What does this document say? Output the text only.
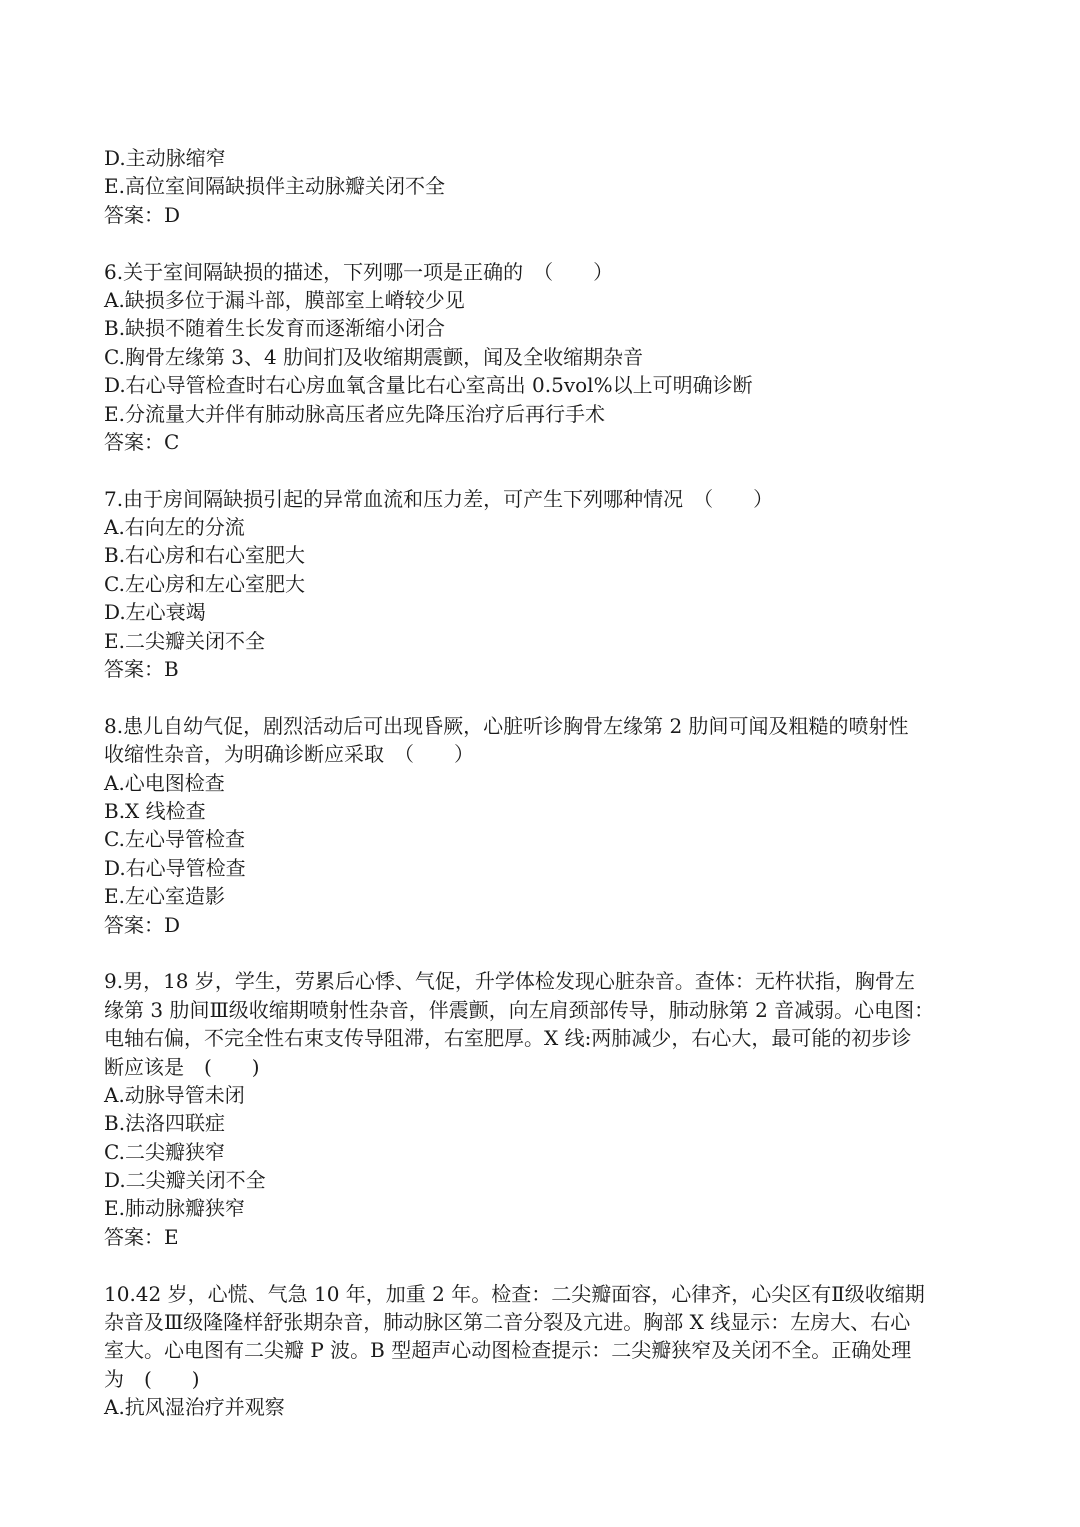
D.主动脉缩窄
E.高位室间隔缺损伴主动脉瓣关闭不全
答案：D
6.关于室间隔缺损的描述，下列哪一项是正确的　（　　）
A.缺损多位于漏斗部，膜部室上嵴较少见
B.缺损不随着生长发育而逐渐缩小闭合
C.胸骨左缘第 3、4 肋间扪及收缩期震颤，闻及全收缩期杂音
D.右心导管检查时右心房血氧含量比右心室高出 0.5vol%以上可明确诊断
E.分流量大并伴有肺动脉高压者应先降压治疗后再行手术
答案：C
7.由于房间隔缺损引起的异常血流和压力差，可产生下列哪种情况　（　　）
A.右向左的分流
B.右心房和右心室肥大
C.左心房和左心室肥大
D.左心衰竭
E.二尖瓣关闭不全
答案：B
8.患儿自幼气促，剧烈活动后可出现昏厥，心脏听诊胸骨左缘第 2 肋间可闻及粗糙的喷射性
收缩性杂音，为明确诊断应采取　（　　）
A.心电图检查
B.X 线检查
C.左心导管检查
D.右心导管检查
E.左心室造影
答案：D
9.男，18 岁，学生，劳累后心悸、气促，升学体检发现心脏杂音。查体：无杵状指，胸骨左
缘第 3 肋间Ⅲ级收缩期喷射性杂音，伴震颤，向左肩颈部传导，肺动脉第 2 音减弱。心电图：
电轴右偏，不完全性右束支传导阻滞，右室肥厚。X 线:两肺减少，右心大，最可能的初步诊
断应该是　(　　)
A.动脉导管未闭
B.法洛四联症
C.二尖瓣狭窄
D.二尖瓣关闭不全
E.肺动脉瓣狭窄
答案：E
10.42 岁，心慌、气急 10 年，加重 2 年。检查：二尖瓣面容，心律齐，心尖区有Ⅱ级收缩期
杂音及Ⅲ级隆隆样舒张期杂音，肺动脉区第二音分裂及亢进。胸部 X 线显示：左房大、右心
室大。心电图有二尖瓣 P 波。B 型超声心动图检查提示：二尖瓣狭窄及关闭不全。正确处理
为　(　　)
A.抗风湿治疗并观察
